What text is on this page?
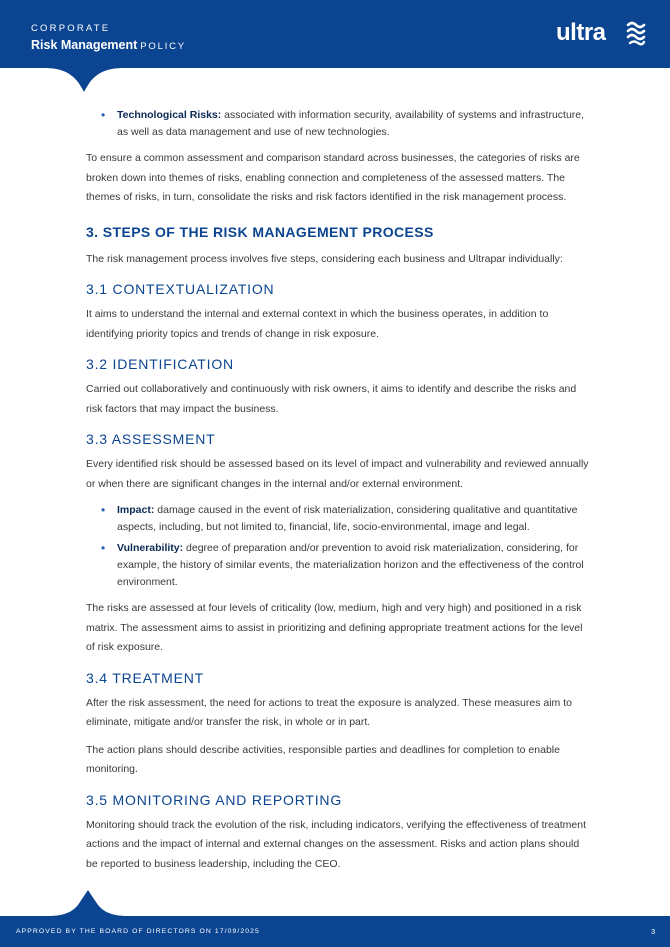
CORPORATE
Risk Management POLICY
ultra
• Technological Risks: associated with information security, availability of systems and infrastructure, as well as data management and use of new technologies.

To ensure a common assessment and comparison standard across businesses, the categories of risks are broken down into themes of risks, enabling connection and completeness of the assessed matters. The themes of risks, in turn, consolidate the risks and risk factors identified in the risk management process.

3. STEPS OF THE RISK MANAGEMENT PROCESS

The risk management process involves five steps, considering each business and Ultrapar individually:

3.1 CONTEXTUALIZATION

It aims to understand the internal and external context in which the business operates, in addition to identifying priority topics and trends of change in risk exposure.

3.2 IDENTIFICATION

Carried out collaboratively and continuously with risk owners, it aims to identify and describe the risks and risk factors that may impact the business.

3.3 ASSESSMENT

Every identified risk should be assessed based on its level of impact and vulnerability and reviewed annually or when there are significant changes in the internal and/or external environment.

• Impact: damage caused in the event of risk materialization, considering qualitative and quantitative aspects, including, but not limited to, financial, life, socio-environmental, image and legal.
• Vulnerability: degree of preparation and/or prevention to avoid risk materialization, considering, for example, the history of similar events, the materialization horizon and the effectiveness of the control environment.

The risks are assessed at four levels of criticality (low, medium, high and very high) and positioned in a risk matrix. The assessment aims to assist in prioritizing and defining appropriate treatment actions for the level of risk exposure.

3.4 TREATMENT

After the risk assessment, the need for actions to treat the exposure is analyzed. These measures aim to eliminate, mitigate and/or transfer the risk, in whole or in part.

The action plans should describe activities, responsible parties and deadlines for completion to enable monitoring.

3.5 MONITORING AND REPORTING

Monitoring should track the evolution of the risk, including indicators, verifying the effectiveness of treatment actions and the impact of internal and external changes on the assessment. Risks and action plans should be reported to business leadership, including the CEO.

APPROVED BY THE BOARD OF DIRECTORS ON 17/09/2025	3
